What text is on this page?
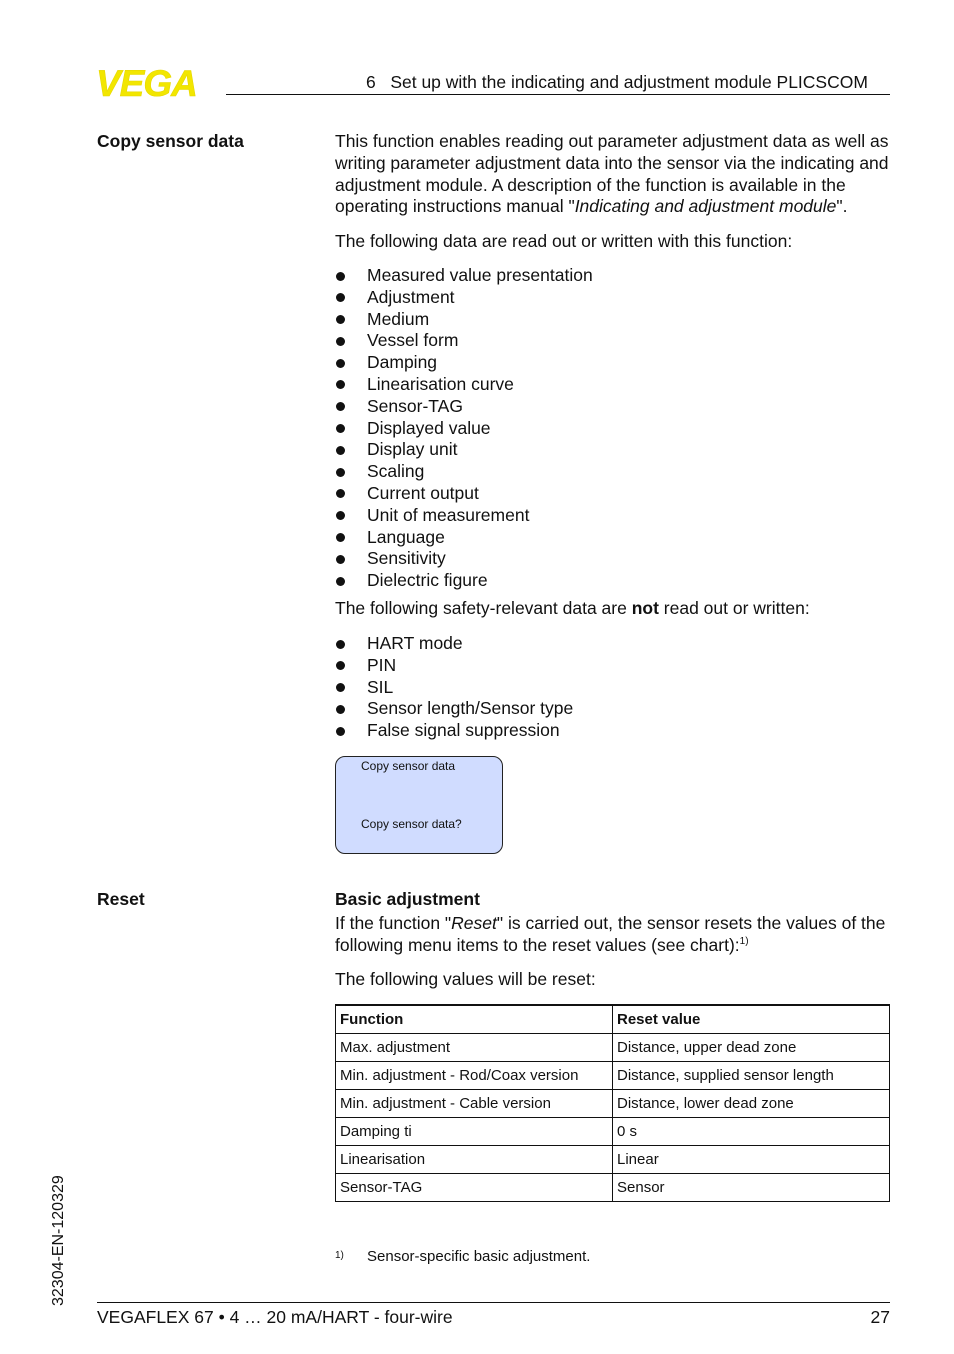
VEGA	6   Set up with the indicating and adjustment module PLICSCOM
Copy sensor data	This function enables reading out parameter adjustment data as well as writing parameter adjustment data into the sensor via the indicating and adjustment module. A description of the function is available in the operating instructions manual "Indicating and adjustment module".

The following data are read out or written with this function:
Measured value presentation
Adjustment
Medium
Vessel form
Damping
Linearisation curve
Sensor-TAG
Displayed value
Display unit
Scaling
Current output
Unit of measurement
Language
Sensitivity
Dielectric figure
The following safety-relevant data are not read out or written:
HART mode
PIN
SIL
Sensor length/Sensor type
False signal suppression
Copy sensor data
Copy sensor data?
Reset	Basic adjustment
If the function "Reset" is carried out, the sensor resets the values of the following menu items to the reset values (see chart):$^{1)}$
The following values will be reset:
Function	Reset value
Max. adjustment	Distance, upper dead zone
Min. adjustment - Rod/Coax version	Distance, supplied sensor length
Min. adjustment - Cable version	Distance, lower dead zone
Damping ti	0 s
Linearisation	Linear
Sensor-TAG	Sensor
1) Sensor-specific basic adjustment.
32304-EN-120329
VEGAFLEX 67 • 4 … 20 mA/HART - four-wire	27
